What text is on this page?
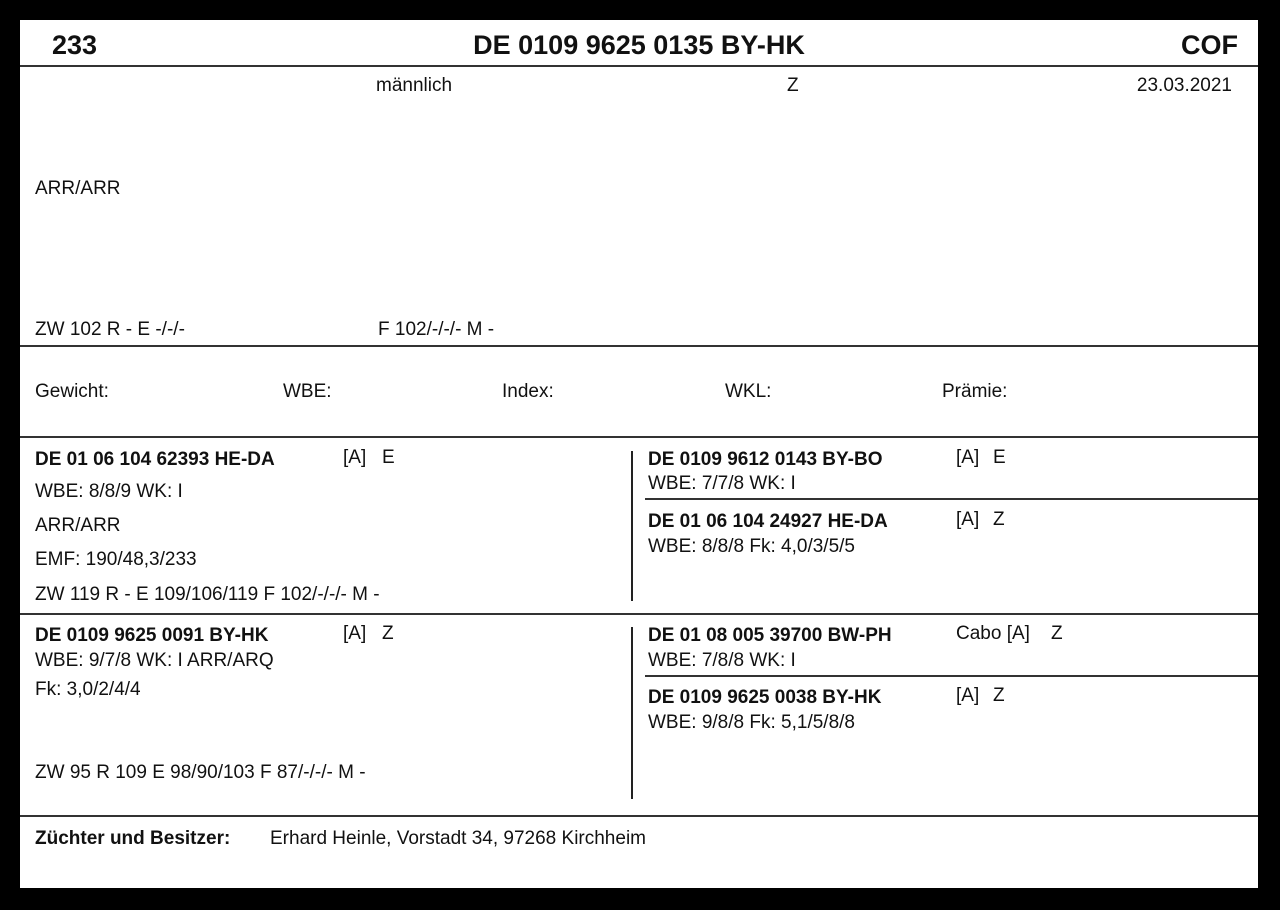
233	DE 0109 9625 0135 BY-HK	COF
männlich	Z	23.03.2021
ARR/ARR
ZW 102 R - E -/-/-	F 102/-/-/- M -
Gewicht:	WBE:	Index:	WKL:	Prämie:
DE 01 06 104 62393 HE-DA	[A] E
WBE: 8/8/9 WK: I
ARR/ARR
EMF: 190/48,3/233
ZW 119 R - E 109/106/119 F 102/-/-/- M -
DE 0109 9612 0143 BY-BO	[A] E
WBE: 7/7/8 WK: I
DE 01 06 104 24927 HE-DA	[A] Z
WBE: 8/8/8 Fk: 4,0/3/5/5
DE 0109 9625 0091 BY-HK	[A] Z
WBE: 9/7/8 WK: I ARR/ARQ
Fk: 3,0/2/4/4
ZW 95 R 109 E 98/90/103 F 87/-/-/- M -
DE 01 08 005 39700 BW-PH	Cabo [A] Z
WBE: 7/8/8 WK: I
DE 0109 9625 0038 BY-HK	[A] Z
WBE: 9/8/8 Fk: 5,1/5/8/8
Züchter und Besitzer: Erhard Heinle, Vorstadt 34, 97268 Kirchheim
